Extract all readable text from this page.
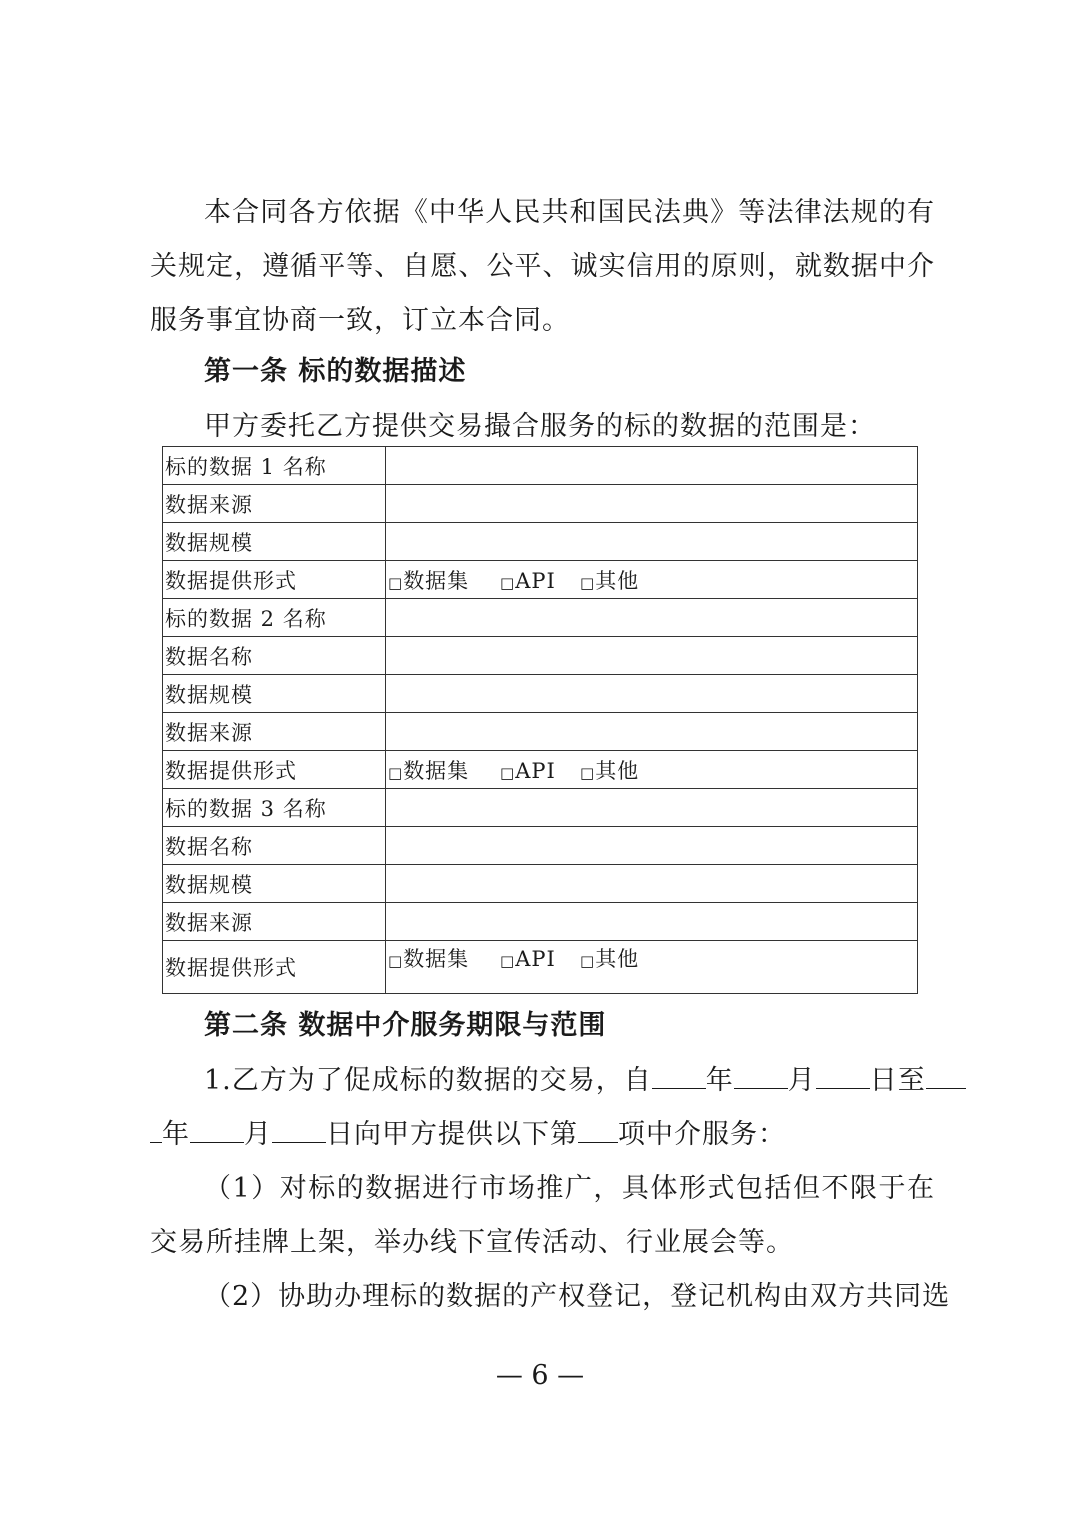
本合同各方依据《中华人民共和国民法典》等法律法规的有关规定，遵循平等、自愿、公平、诚实信用的原则，就数据中介服务事宜协商一致，订立本合同。

第一条 标的数据描述

甲方委托乙方提供交易撮合服务的标的数据的范围是：

标的数据 1 名称	
数据来源	
数据规模	
数据提供形式	□数据集 □API □其他
标的数据 2 名称	
数据名称	
数据规模	
数据来源	
数据提供形式	□数据集 □API □其他
标的数据 3 名称	
数据名称	
数据规模	
数据来源	
数据提供形式	□数据集 □API □其他

第二条 数据中介服务期限与范围

1.乙方为了促成标的数据的交易，自 年 月 日至

年 月 日向甲方提供以下第 项中介服务：

（1）对标的数据进行市场推广，具体形式包括但不限于在交易所挂牌上架，举办线下宣传活动、行业展会等。

（2）协助办理标的数据的产权登记，登记机构由双方共同选

— 6 —
